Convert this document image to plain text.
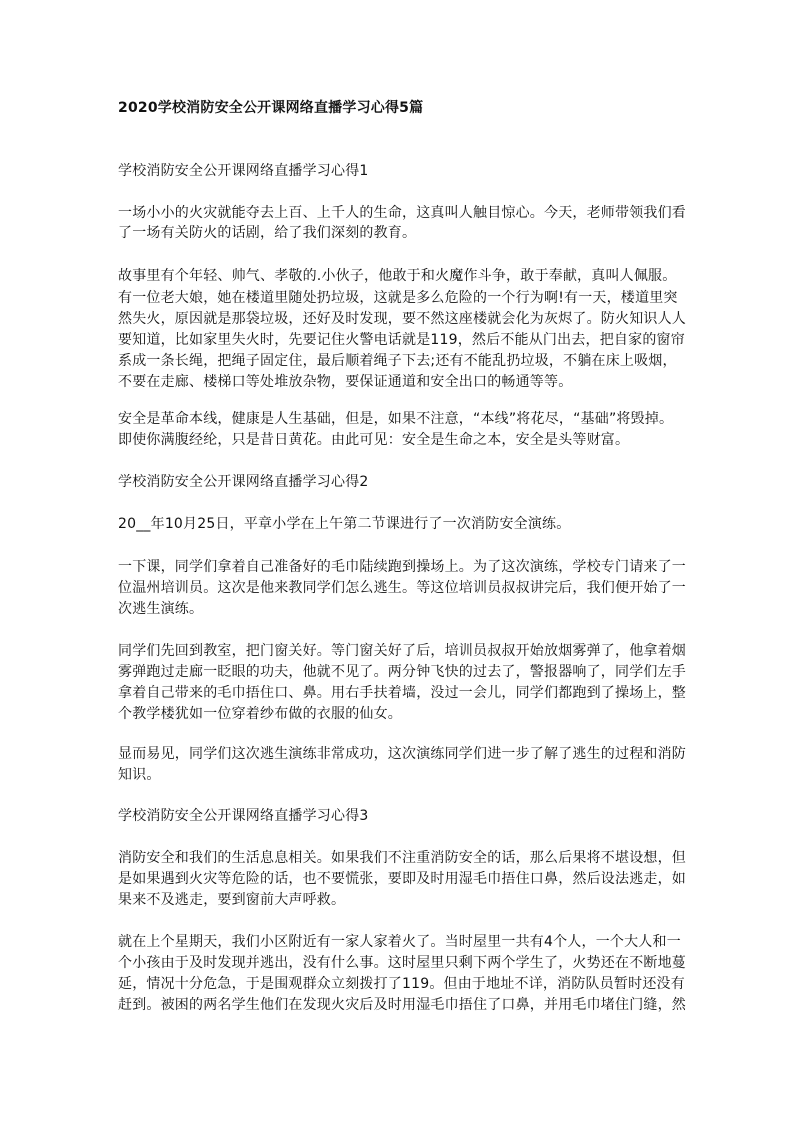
2020学校消防安全公开课网络直播学习心得5篇
学校消防安全公开课网络直播学习心得1
一场小小的火灾就能夺去上百、上千人的生命，这真叫人触目惊心。今天，老师带领我们看
了一场有关防火的话剧，给了我们深刻的教育。
故事里有个年轻、帅气、孝敬的.小伙子，他敢于和火魔作斗争，敢于奉献，真叫人佩服。
有一位老大娘，她在楼道里随处扔垃圾，这就是多么危险的一个行为啊!有一天，楼道里突
然失火，原因就是那袋垃圾，还好及时发现，要不然这座楼就会化为灰烬了。防火知识人人
要知道，比如家里失火时，先要记住火警电话就是119，然后不能从门出去，把自家的窗帘
系成一条长绳，把绳子固定住，最后顺着绳子下去;还有不能乱扔垃圾，不躺在床上吸烟，
不要在走廊、楼梯口等处堆放杂物，要保证通道和安全出口的畅通等等。
安全是革命本线，健康是人生基础，但是，如果不注意，“本线”将花尽，“基础”将毁掉。
即使你满腹经纶，只是昔日黄花。由此可见：安全是生命之本，安全是头等财富。
学校消防安全公开课网络直播学习心得2
20__年10月25日，平章小学在上午第二节课进行了一次消防安全演练。
一下课，同学们拿着自己准备好的毛巾陆续跑到操场上。为了这次演练，学校专门请来了一
位温州培训员。这次是他来教同学们怎么逃生。等这位培训员叔叔讲完后，我们便开始了一
次逃生演练。
同学们先回到教室，把门窗关好。等门窗关好了后，培训员叔叔开始放烟雾弹了，他拿着烟
雾弹跑过走廊一眨眼的功夫，他就不见了。两分钟飞快的过去了，警报器响了，同学们左手
拿着自己带来的毛巾捂住口、鼻。用右手扶着墙，没过一会儿，同学们都跑到了操场上，整
个教学楼犹如一位穿着纱布做的衣服的仙女。
显而易见，同学们这次逃生演练非常成功，这次演练同学们进一步了解了逃生的过程和消防
知识。
学校消防安全公开课网络直播学习心得3
消防安全和我们的生活息息相关。如果我们不注重消防安全的话，那么后果将不堪设想，但
是如果遇到火灾等危险的话，也不要慌张，要即及时用湿毛巾捂住口鼻，然后设法逃走，如
果来不及逃走，要到窗前大声呼救。
就在上个星期天，我们小区附近有一家人家着火了。当时屋里一共有4个人，一个大人和一
个小孩由于及时发现并逃出，没有什么事。这时屋里只剩下两个学生了，火势还在不断地蔓
延，情况十分危急，于是围观群众立刻拨打了119。但由于地址不详，消防队员暂时还没有
赶到。被困的两名学生他们在发现火灾后及时用湿毛巾捂住了口鼻，并用毛巾堵住门缝，然
